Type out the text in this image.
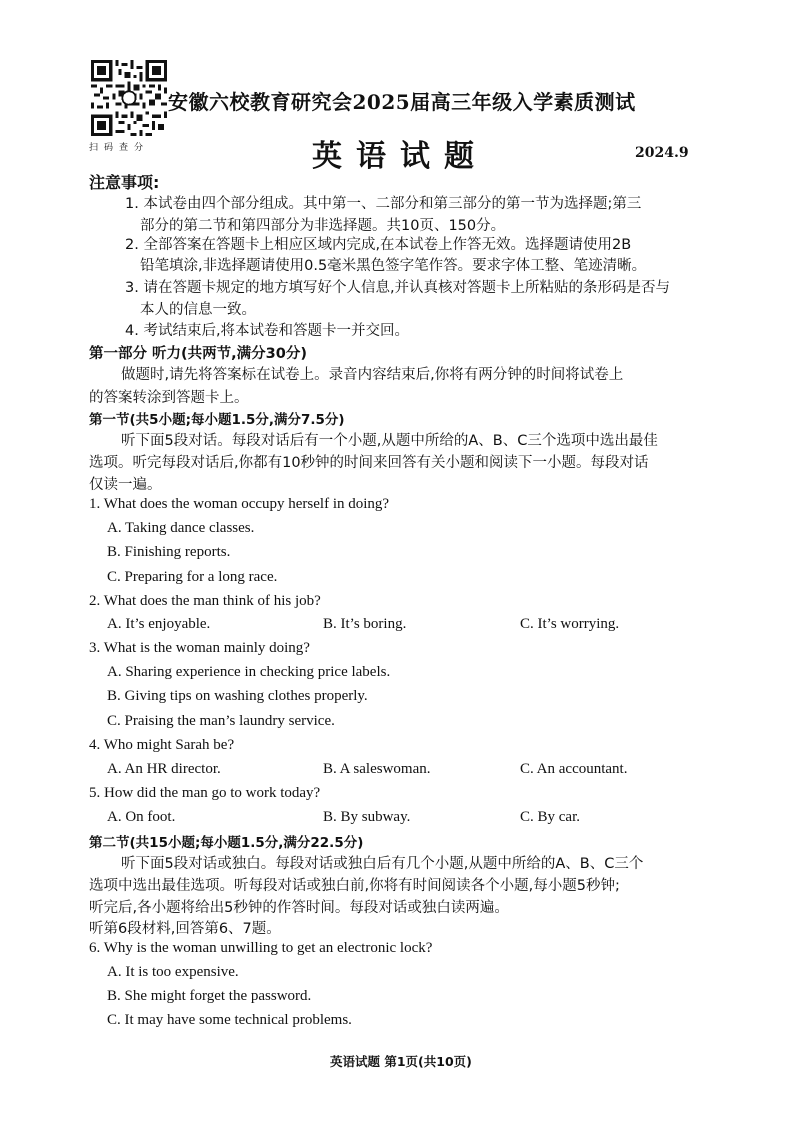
扫码查分
安徽六校教育研究会2025届高三年级入学素质测试
英语试题	2024.9
注意事项:
1. 本试卷由四个部分组成。其中第一、二部分和第三部分的第一节为选择题;第三
部分的第二节和第四部分为非选择题。共10页、150分。
2. 全部答案在答题卡上相应区域内完成,在本试卷上作答无效。选择题请使用2B
铅笔填涂,非选择题请使用0.5毫米黑色签字笔作答。要求字体工整、笔迹清晰。
3. 请在答题卡规定的地方填写好个人信息,并认真核对答题卡上所粘贴的条形码是否与
本人的信息一致。
4. 考试结束后,将本试卷和答题卡一并交回。
第一部分 听力(共两节,满分30分)
做题时,请先将答案标在试卷上。录音内容结束后,你将有两分钟的时间将试卷上
的答案转涂到答题卡上。
第一节(共5小题;每小题1.5分,满分7.5分)
听下面5段对话。每段对话后有一个小题,从题中所给的A、B、C三个选项中选出最佳
选项。听完每段对话后,你都有10秒钟的时间来回答有关小题和阅读下一小题。每段对话
仅读一遍。
1. What does the woman occupy herself in doing?
A. Taking dance classes.
B. Finishing reports.
C. Preparing for a long race.
2. What does the man think of his job?
A. It’s enjoyable.	B. It’s boring.	C. It’s worrying.
3. What is the woman mainly doing?
A. Sharing experience in checking price labels.
B. Giving tips on washing clothes properly.
C. Praising the man’s laundry service.
4. Who might Sarah be?
A. An HR director.	B. A saleswoman.	C. An accountant.
5. How did the man go to work today?
A. On foot.	B. By subway.	C. By car.
第二节(共15小题;每小题1.5分,满分22.5分)
听下面5段对话或独白。每段对话或独白后有几个小题,从题中所给的A、B、C三个
选项中选出最佳选项。听每段对话或独白前,你将有时间阅读各个小题,每小题5秒钟;
听完后,各小题将给出5秒钟的作答时间。每段对话或独白读两遍。
听第6段材料,回答第6、7题。
6. Why is the woman unwilling to get an electronic lock?
A. It is too expensive.
B. She might forget the password.
C. It may have some technical problems.
英语试题 第1页(共10页)
